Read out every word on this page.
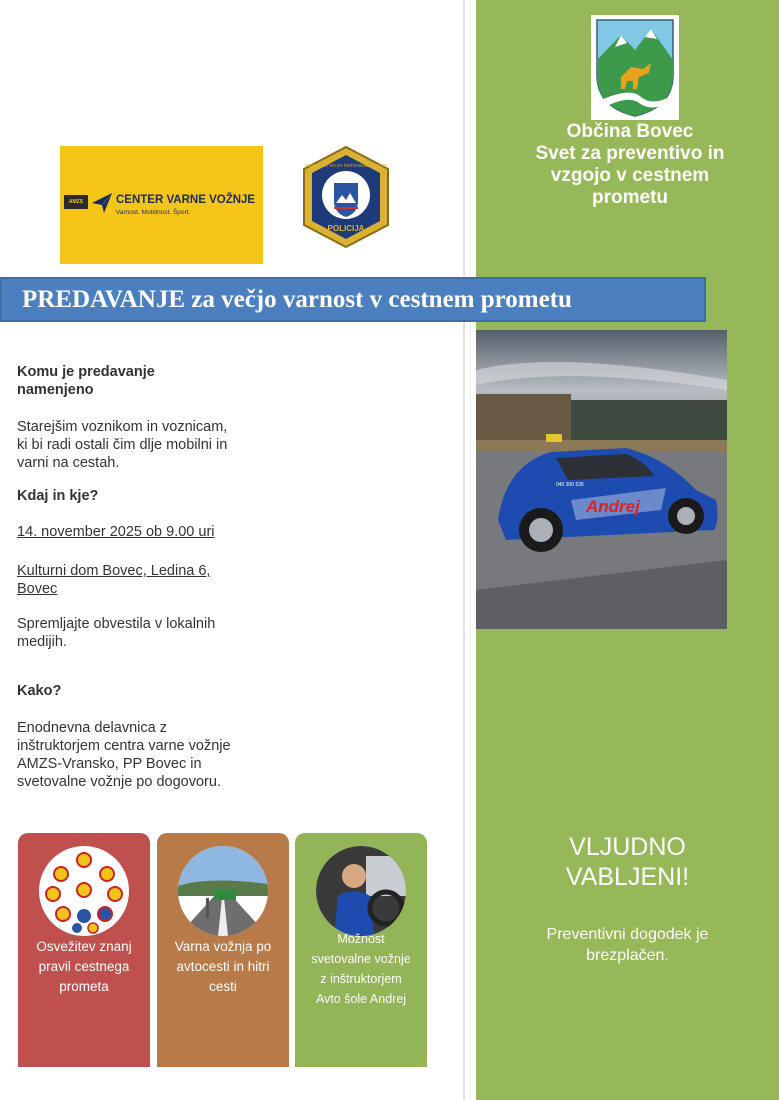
Občina Bovec
Svet za preventivo in
vzgojo v cestnem
prometu
AMZS	CENTER VARNE VOŽNJE
Varnost. Mobilnost. Šport.
POLICIJA
MINISTRSTVO ZA NOTRANJE ZADEVE
PREDAVANJE za večjo varnost v cestnem prometu
Andrej
040 300 536
Komu je predavanje
namenjeno
Starejšim voznikom in voznicam,
ki bi radi ostali čim dlje mobilni in
varni na cestah.
Kdaj in kje?
14. november 2025 ob 9.00 uri
Kulturni dom Bovec, Ledina 6,
Bovec
Spremljajte obvestila v lokalnih
medijih.
Kako?
Enodnevna delavnica z
inštruktorjem centra varne vožnje
AMZS-Vransko, PP Bovec in
svetovalne vožnje po dogovoru.
Osvežitev znanj
pravil cestnega
prometa
Varna vožnja po
avtocesti in hitri
cesti
Možnost
svetovalne vožnje
z inštruktorjem
Avto šole Andrej
VLJUDNO
VABLJENI!
Preventivni dogodek je
brezplačen.
